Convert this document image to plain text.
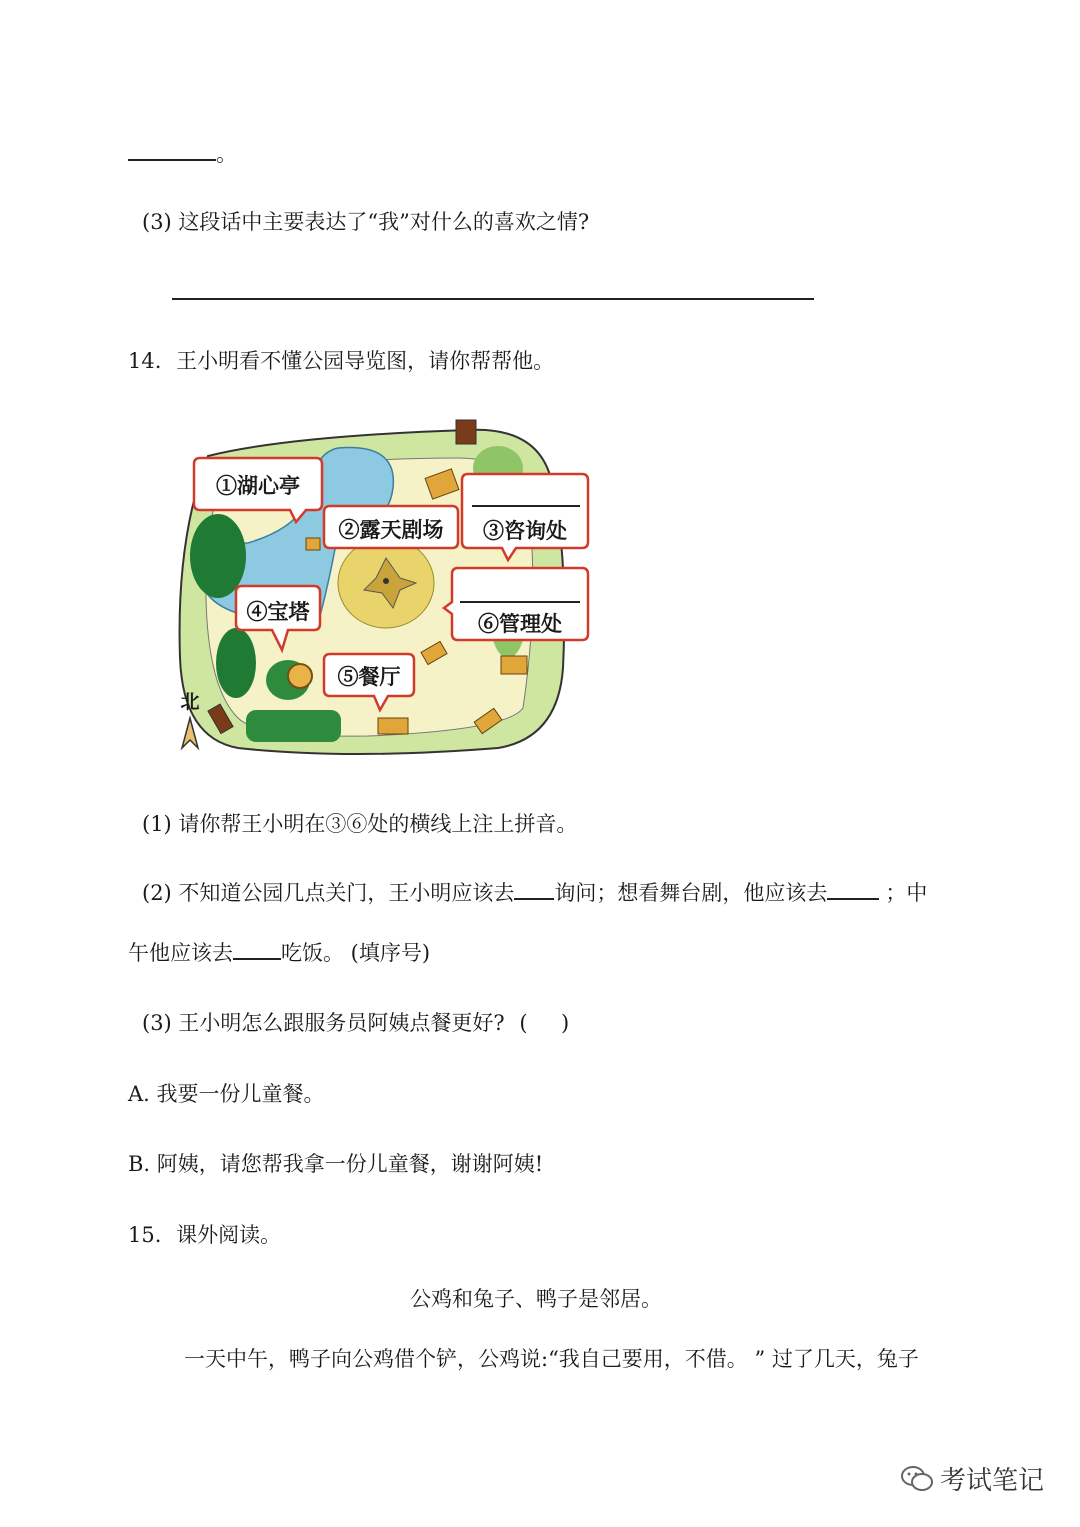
。
(3) 这段话中主要表达了“我”对什么的喜欢之情?
14. 王小明看不懂公园导览图，请你帮帮他。
①湖心亭
②露天剧场 ③咨询处
④宝塔	⑥管理处
⑤餐厅
北
(1) 请你帮王小明在③⑥处的横线上注上拼音。
(2) 不知道公园几点关门，王小明应该去 询问；想看舞台剧，他应该去	；中
午他应该去 吃饭。 (填序号)
(3) 王小明怎么跟服务员阿姨点餐更好? (     )
A. 我要一份儿童餐。
B. 阿姨，请您帮我拿一份儿童餐，谢谢阿姨!
15. 课外阅读。
公鸡和兔子、鸭子是邻居。
一天中午，鸭子向公鸡借个铲，公鸡说:“我自己要用，不借。 ” 过了几天，兔子
考试笔记
